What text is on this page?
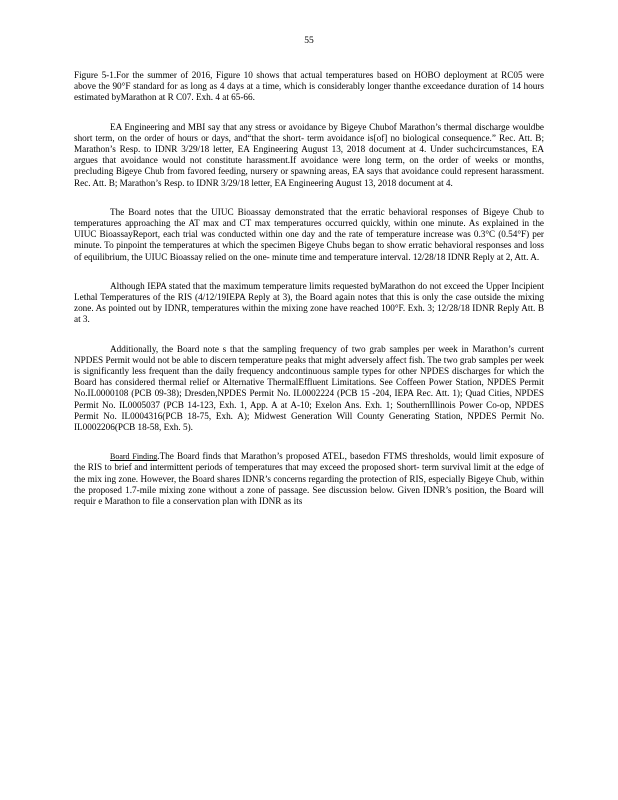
55

Figure 5-1.For the summer of 2016, Figure 10 shows that actual temperatures based on HOBO deployment at RC05 were above the 90°F standard for as long as 4 days at a time, which is considerably longer thanthe exceedance duration of 14 hours estimated byMarathon at R C07. Exh. 4 at 65-66.

EA Engineering and MBI say that any stress or avoidance by Bigeye Chubof Marathon’s thermal discharge wouldbe short term, on the order of hours or days, and“that the short- term avoidance is[of] no biological consequence.” Rec. Att. B; Marathon’s Resp. to IDNR 3/29/18 letter, EA Engineering August 13, 2018 document at 4. Under suchcircumstances, EA argues that avoidance would not constitute harassment.If avoidance were long term, on the order of weeks or months, precluding Bigeye Chub from favored feeding, nursery or spawning areas, EA says that avoidance could represent harassment. Rec. Att. B; Marathon’s Resp. to IDNR 3/29/18 letter, EA Engineering August 13, 2018 document at 4.

The Board notes that the UIUC Bioassay demonstrated that the erratic behavioral responses of Bigeye Chub to temperatures approaching the AT max and CT max temperatures occurred quickly, within one minute. As explained in the UIUC BioassayReport, each trial was conducted within one day and the rate of temperature increase was 0.3°C (0.54°F) per minute. To pinpoint the temperatures at which the specimen Bigeye Chubs began to show erratic behavioral responses and loss of equilibrium, the UIUC Bioassay relied on the one- minute time and temperature interval. 12/28/18 IDNR Reply at 2, Att. A.

Although IEPA stated that the maximum temperature limits requested byMarathon do not exceed the Upper Incipient Lethal Temperatures of the RIS (4/12/19IEPA Reply at 3), the Board again notes that this is only the case outside the mixing zone. As pointed out by IDNR, temperatures within the mixing zone have reached 100°F. Exh. 3; 12/28/18 IDNR Reply Att. B at 3.

Additionally, the Board note s that the sampling frequency of two grab samples per week in Marathon’s current NPDES Permit would not be able to discern temperature peaks that might adversely affect fish. The two grab samples per week is significantly less frequent than the daily frequency andcontinuous sample types for other NPDES discharges for which the Board has considered thermal relief or Alternative ThermalEffluent Limitations. See Coffeen Power Station, NPDES Permit No.IL0000108 (PCB 09-38); Dresden,NPDES Permit No. IL0002224 (PCB 15 -204, IEPA Rec. Att. 1); Quad Cities, NPDES Permit No. IL0005037 (PCB 14-123, Exh. 1, App. A at A-10; Exelon Ans. Exh. 1; SouthernIllinois Power Co-op, NPDES Permit No. IL0004316(PCB 18-75, Exh. A); Midwest Generation Will County Generating Station, NPDES Permit No. IL0002206(PCB 18-58, Exh. 5).

Board Finding.The Board finds that Marathon’s proposed ATEL, basedon FTMS thresholds, would limit exposure of the RIS to brief and intermittent periods of temperatures that may exceed the proposed short- term survival limit at the edge of the mix ing zone. However, the Board shares IDNR’s concerns regarding the protection of RIS, especially Bigeye Chub, within the proposed 1.7-mile mixing zone without a zone of passage. See discussion below. Given IDNR’s position, the Board will requir e Marathon to file a conservation plan with IDNR as its
